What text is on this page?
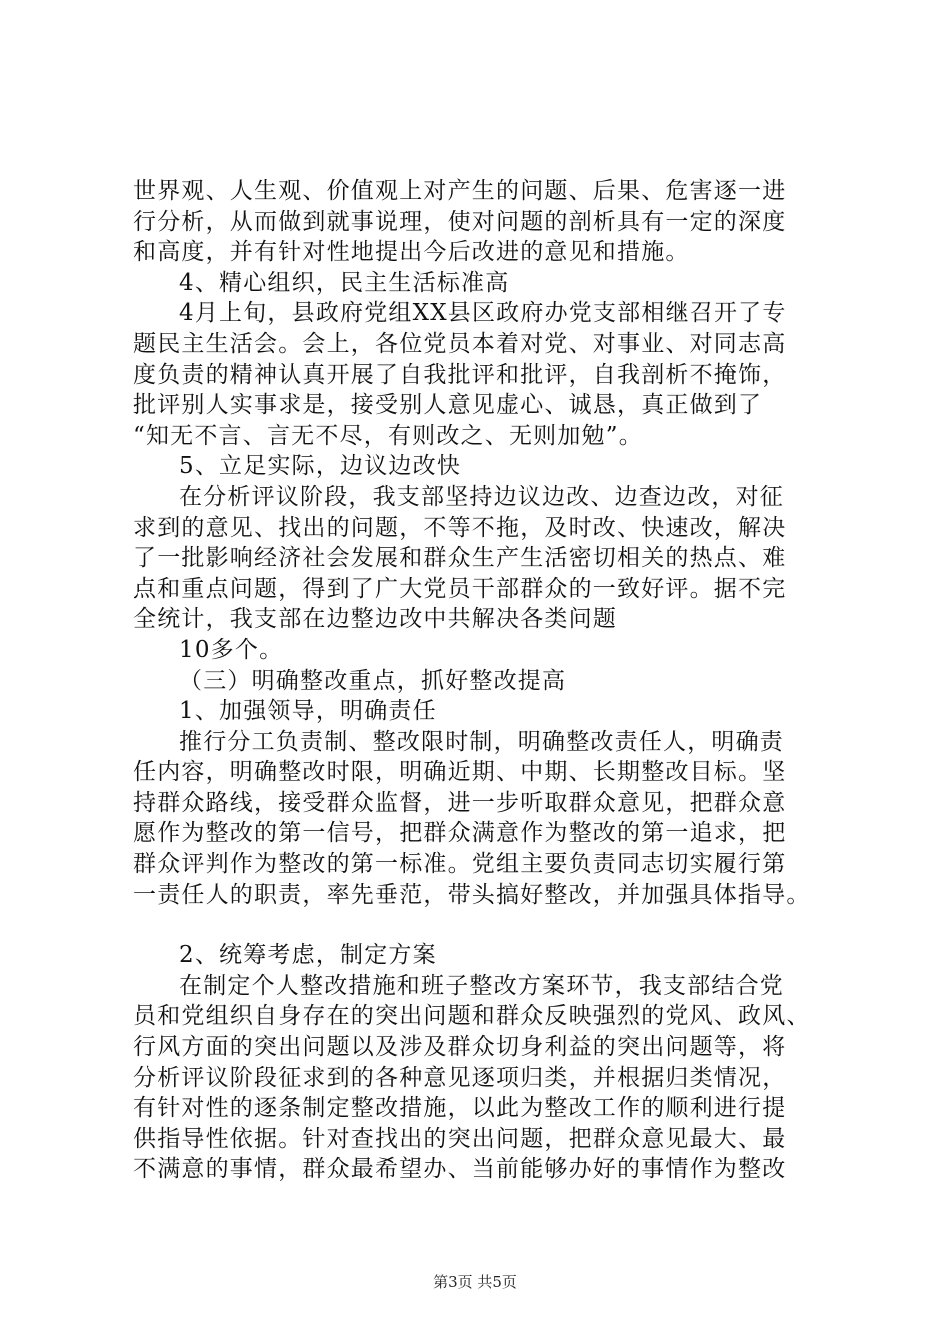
世界观、人生观、价值观上对产生的问题、后果、危害逐一进
行分析，从而做到就事说理，使对问题的剖析具有一定的深度
和高度，并有针对性地提出今后改进的意见和措施。
4、精心组织，民主生活标准高
4月上旬，县政府党组XX县区政府办党支部相继召开了专
题民主生活会。会上，各位党员本着对党、对事业、对同志高
度负责的精神认真开展了自我批评和批评，自我剖析不掩饰，
批评别人实事求是，接受别人意见虚心、诚恳，真正做到了
“知无不言、言无不尽，有则改之、无则加勉”。
5、立足实际，边议边改快
在分析评议阶段，我支部坚持边议边改、边查边改，对征
求到的意见、找出的问题，不等不拖，及时改、快速改，解决
了一批影响经济社会发展和群众生产生活密切相关的热点、难
点和重点问题，得到了广大党员干部群众的一致好评。据不完
全统计，我支部在边整边改中共解决各类问题
10多个。
（三）明确整改重点，抓好整改提高
1、加强领导，明确责任
推行分工负责制、整改限时制，明确整改责任人，明确责
任内容，明确整改时限，明确近期、中期、长期整改目标。坚
持群众路线，接受群众监督，进一步听取群众意见，把群众意
愿作为整改的第一信号，把群众满意作为整改的第一追求，把
群众评判作为整改的第一标准。党组主要负责同志切实履行第
一责任人的职责，率先垂范，带头搞好整改，并加强具体指导。
2、统筹考虑，制定方案
在制定个人整改措施和班子整改方案环节，我支部结合党
员和党组织自身存在的突出问题和群众反映强烈的党风、政风、
行风方面的突出问题以及涉及群众切身利益的突出问题等，将
分析评议阶段征求到的各种意见逐项归类，并根据归类情况，
有针对性的逐条制定整改措施，以此为整改工作的顺利进行提
供指导性依据。针对查找出的突出问题，把群众意见最大、最
不满意的事情，群众最希望办、当前能够办好的事情作为整改
第3页 共5页
